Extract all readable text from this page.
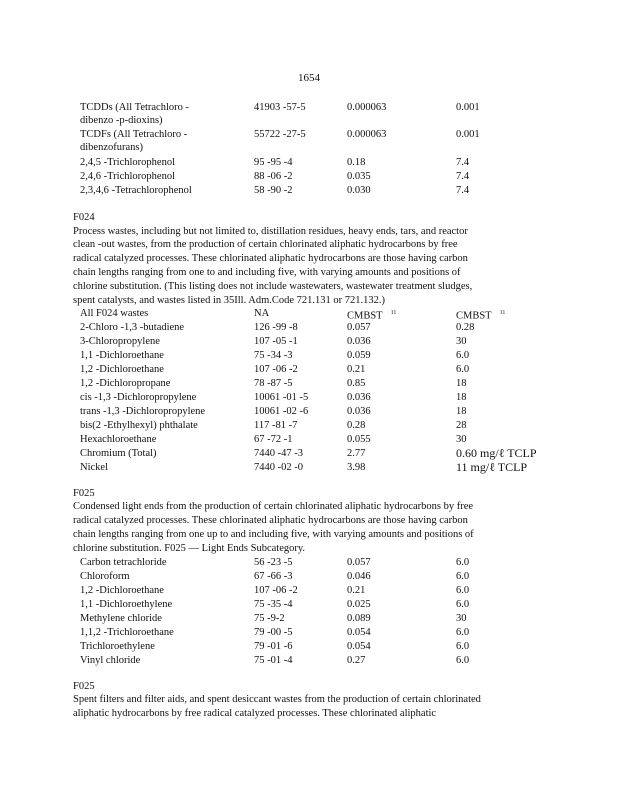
1654
TCDDs (All Tetrachloro -
dibenzo -p-dioxins)
41903 -57-5	0.000063	0.001
TCDFs (All Tetrachloro -
dibenzofurans)
55722 -27-5	0.000063	0.001
2,4,5 -Trichlorophenol	95 -95 -4	0.18	7.4
2,4,6 -Trichlorophenol	88 -06 -2	0.035	7.4
2,3,4,6 -Tetrachlorophenol	58 -90 -2	0.030	7.4
F024
Process wastes, including but not limited to, distillation residues, heavy ends, tars, and reactor
clean -out wastes, from the production of certain chlorinated aliphatic hydrocarbons by free
radical catalyzed processes. These chlorinated aliphatic hydrocarbons are those having carbon
chain lengths ranging from one to and including five, with varying amounts and positions of
chlorine substitution. (This listing does not include wastewaters, wastewater treatment sludges,
spent catalysts, and wastes listed in 35Ill. Adm.Code 721.131 or 721.132.)
All F024 wastes	NA	CMBST $^{11}$	CMBST $^{11}$
2-Chloro -1,3 -butadiene	126 -99 -8	0.057	0.28
3-Chloropropylene	107 -05 -1	0.036	30
1,1 -Dichloroethane	75 -34 -3	0.059	6.0
1,2 -Dichloroethane	107 -06 -2	0.21	6.0
1,2 -Dichloropropane	78 -87 -5	0.85	18
cis -1,3 -Dichloropropylene	10061 -01 -5	0.036	18
trans -1,3 -Dichloropropylene	10061 -02 -6	0.036	18
bis(2 -Ethylhexyl) phthalate	117 -81 -7	0.28	28
Hexachloroethane	67 -72 -1	0.055	30
Chromium (Total)	7440 -47 -3	2.77	0.60 mg/ℓ TCLP
Nickel	7440 -02 -0	3.98	11 mg/ℓ TCLP
F025
Condensed light ends from the production of certain chlorinated aliphatic hydrocarbons by free
radical catalyzed processes. These chlorinated aliphatic hydrocarbons are those having carbon
chain lengths ranging from one up to and including five, with varying amounts and positions of
chlorine substitution. F025 — Light Ends Subcategory.
Carbon tetrachloride	56 -23 -5	0.057	6.0
Chloroform	67 -66 -3	0.046	6.0
1,2 -Dichloroethane	107 -06 -2	0.21	6.0
1,1 -Dichloroethylene	75 -35 -4	0.025	6.0
Methylene chloride	75 -9-2	0.089	30
1,1,2 -Trichloroethane	79 -00 -5	0.054	6.0
Trichloroethylene	79 -01 -6	0.054	6.0
Vinyl chloride	75 -01 -4	0.27	6.0
F025
Spent filters and filter aids, and spent desiccant wastes from the production of certain chlorinated
aliphatic hydrocarbons by free radical catalyzed processes. These chlorinated aliphatic
